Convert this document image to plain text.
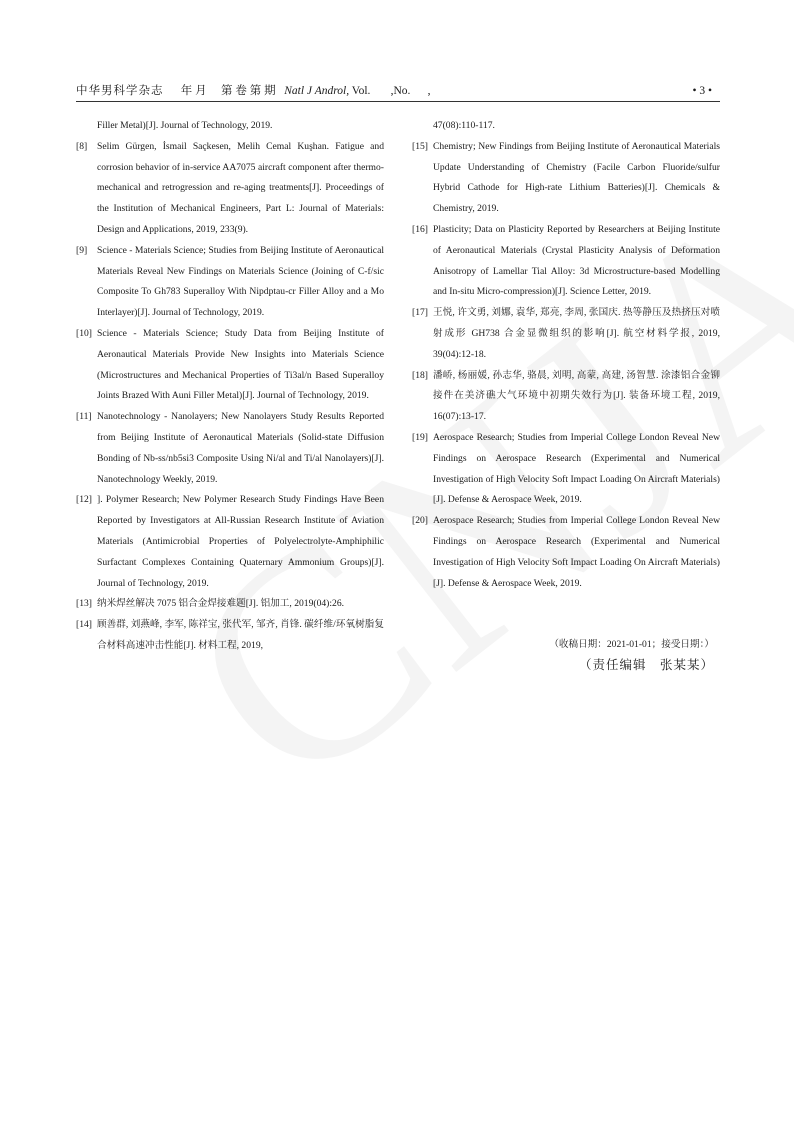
中华男科学杂志 年 月 第 卷 第 期 Natl J Androl, Vol. ,No. ,	• 3 •
Filler Metal)[J]. Journal of Technology, 2019.
[8] Selim Gürgen, İsmail Saçkesen, Melih Cemal Kuşhan. Fatigue and corrosion behavior of in-service AA7075 aircraft component after thermo-mechanical and retrogression and re-aging treatments[J]. Proceedings of the Institution of Mechanical Engineers, Part L: Journal of Materials: Design and Applications, 2019, 233(9).
[9] Science - Materials Science; Studies from Beijing Institute of Aeronautical Materials Reveal New Findings on Materials Science (Joining of C-f/sic Composite To Gh783 Superalloy With Nipdptau-cr Filler Alloy and a Mo Interlayer)[J]. Journal of Technology, 2019.
[10] Science - Materials Science; Study Data from Beijing Institute of Aeronautical Materials Provide New Insights into Materials Science (Microstructures and Mechanical Properties of Ti3al/n Based Superalloy Joints Brazed With Auni Filler Metal)[J]. Journal of Technology, 2019.
[11] Nanotechnology - Nanolayers; New Nanolayers Study Results Reported from Beijing Institute of Aeronautical Materials (Solid-state Diffusion Bonding of Nb-ss/nb5si3 Composite Using Ni/al and Ti/al Nanolayers)[J]. Nanotechnology Weekly, 2019.
[12] ]. Polymer Research; New Polymer Research Study Findings Have Been Reported by Investigators at All-Russian Research Institute of Aviation Materials (Antimicrobial Properties of Polyelectrolyte-Amphiphilic Surfactant Complexes Containing Quaternary Ammonium Groups)[J]. Journal of Technology, 2019.
[13] 纳米焊丝解决 7075 铝合金焊接难题[J]. 铝加工, 2019(04):26.
[14] 顾善群, 刘燕峰, 李军, 陈祥宝, 张代军, 邹齐, 肖锋. 碳纤维/环氧树脂复合材料高速冲击性能[J]. 材料工程, 2019,
47(08):110-117.
[15] Chemistry; New Findings from Beijing Institute of Aeronautical Materials Update Understanding of Chemistry (Facile Carbon Fluoride/sulfur Hybrid Cathode for High-rate Lithium Batteries)[J]. Chemicals & Chemistry, 2019.
[16] Plasticity; Data on Plasticity Reported by Researchers at Beijing Institute of Aeronautical Materials (Crystal Plasticity Analysis of Deformation Anisotropy of Lamellar Tial Alloy: 3d Microstructure-based Modelling and In-situ Micro-compression)[J]. Science Letter, 2019.
[17] 王悦, 许文勇, 刘娜, 袁华, 郑亮, 李周, 张国庆. 热等静压及热挤压对喷射成形 GH738 合金显微组织的影响[J]. 航空材料学报, 2019, 39(04):12-18.
[18] 潘峤, 杨丽媛, 孙志华, 骆晨, 刘明, 高蒙, 高建, 汤智慧. 涂漆铝合金铆接件在美济礁大气环境中初期失效行为[J]. 装备环境工程, 2019, 16(07):13-17.
[19] Aerospace Research; Studies from Imperial College London Reveal New Findings on Aerospace Research (Experimental and Numerical Investigation of High Velocity Soft Impact Loading On Aircraft Materials)[J]. Defense & Aerospace Week, 2019.
[20] Aerospace Research; Studies from Imperial College London Reveal New Findings on Aerospace Research (Experimental and Numerical Investigation of High Velocity Soft Impact Loading On Aircraft Materials)[J]. Defense & Aerospace Week, 2019.
（收稿日期：2021-01-01；接受日期：）
（责任编辑　张某某）
